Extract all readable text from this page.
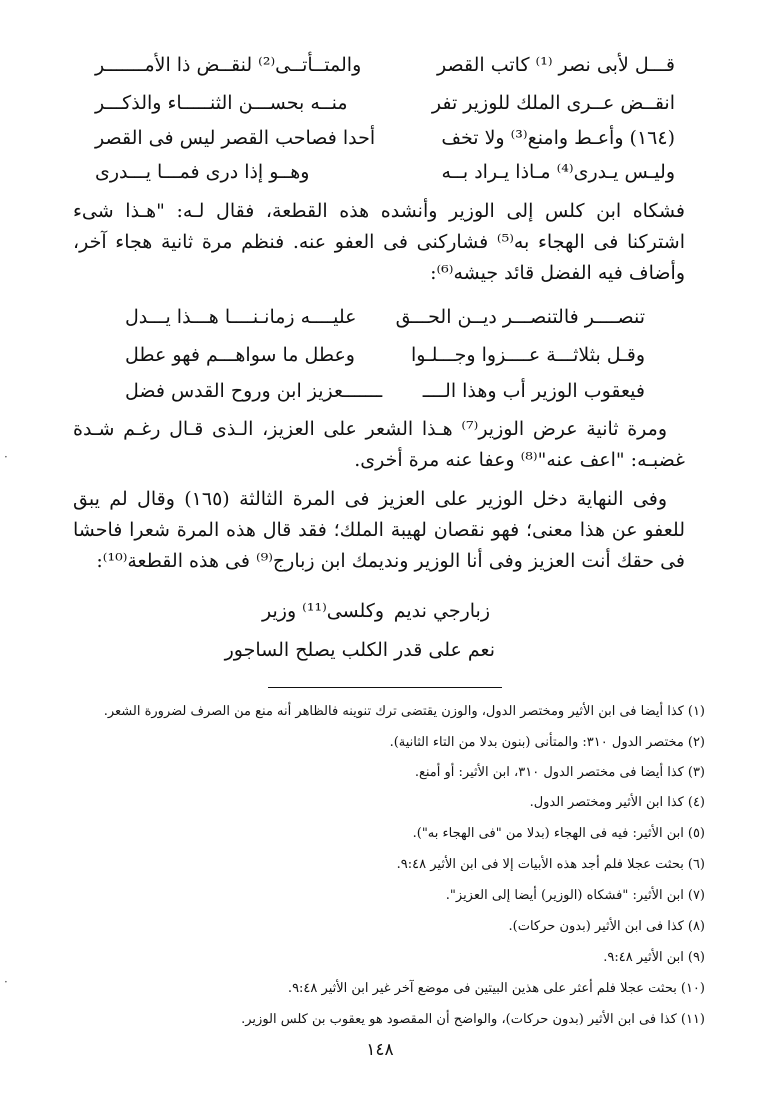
قـــل لأبى نصر ⁽¹⁾ كاتب القصر
والمتــأتــى⁽²⁾ لنقــض ذا الأمـــــــر
انقــض عــرى الملك للوزير تفر
منــه بحســـن الثنـــــاء والذكـــر
(١٦٤) وأعـط وامنع⁽³⁾ ولا تخف
أحدا فصاحب القصر ليس فى القصر
وليـس يـدرى⁽⁴⁾ مـاذا يـراد بــه
وهــو إذا درى فمـــا يـــدرى

فشكاه ابن كلس إلى الوزير وأنشده هذه القطعة، فقال لـه: "هـذا شىء اشتركنا فى الهجاء به⁽⁵⁾ فشاركنى فى العفو عنه. فنظم مرة ثانية هجاء آخر، وأضاف فيه الفضل قائد جيشه⁽⁶⁾:

تنصــــر فالتنصـــر ديــن الحـــق
عليــــه زمانـنــــا هـــذا يـــدل
وقـل بثلاثـــة عــــزوا وجـــلـوا
وعطل ما سواهـــم فهو عطل
فيعقوب الوزير أب وهذا الــــ
ـــــــعزيز ابن وروح القدس فضل

ومرة ثانية عرض الوزير⁽⁷⁾ هـذا الشعر على العزيز، الـذى قـال رغـم شـدة غضبـه: "اعف عنه"⁽⁸⁾ وعفا عنه مرة أخرى.

وفى النهاية دخل الوزير على العزيز فى المرة الثالثة (١٦٥) وقال لم يبق للعفو عن هذا معنى؛ فهو نقصان لهيبة الملك؛ فقد قال هذه المرة شعرا فاحشا فى حقك أنت العزيز وفى أنا الوزير ونديمك ابن زبارج⁽⁹⁾ فى هذه القطعة⁽¹⁰⁾:

زبارجي نديم
وكلسى⁽¹¹⁾ وزير
نعم على قدر الكلب يصلح الساجور
(١)كذا أيضا فى ابن الأثير ومختصر الدول، والوزن يقتضى ترك تنوينه فالظاهر أنه منع من الصرف لضرورة الشعر.
(٢)مختصر الدول ٣١٠: والمتأنى (بنون بدلا من التاء الثانية).
(٣)كذا أيضا فى مختصر الدول ٣١٠، ابن الأثير: أو أمنع.
(٤)كذا ابن الأثير ومختصر الدول.
(٥)ابن الأثير: فيه فى الهجاء (بدلا من "فى الهجاء به").
(٦)بحثت عجلا فلم أجد هذه الأبيات إلا فى ابن الأثير ٩:٤٨.
(٧)ابن الأثير: "فشكاه (الوزير) أيضا إلى العزيز".
(٨)كذا فى ابن الأثير (بدون حركات).
(٩)ابن الأثير ٩:٤٨.
(١٠)بحثت عجلا فلم أعثر على هذين البيتين فى موضع آخر غير ابن الأثير ٩:٤٨.
(١١)كذا فى ابن الأثير (بدون حركات)، والواضح أن المقصود هو يعقوب بن كلس الوزير.
١٤٨
·
·
